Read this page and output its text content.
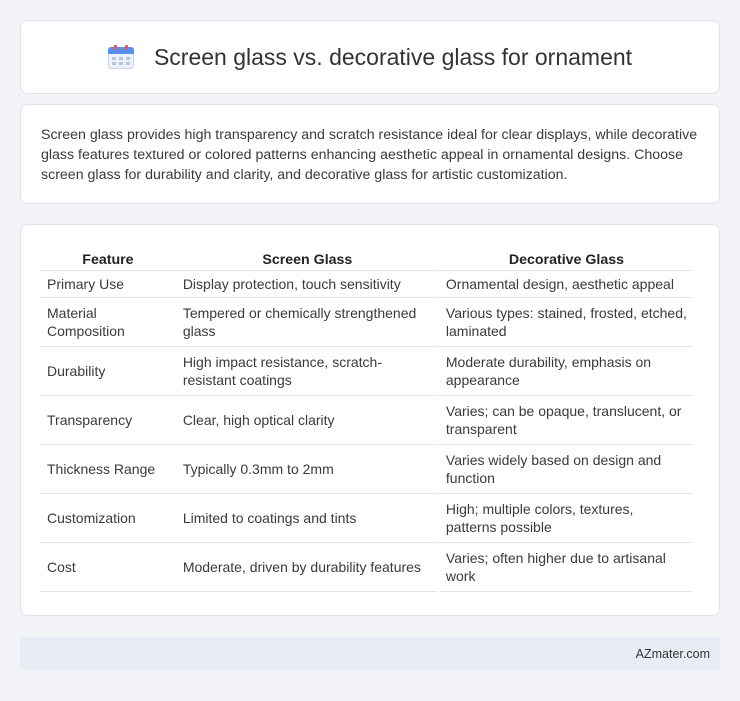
Screen glass vs. decorative glass for ornament

Screen glass provides high transparency and scratch resistance ideal for clear displays, while decorative glass features textured or colored patterns enhancing aesthetic appeal in ornamental designs. Choose screen glass for durability and clarity, and decorative glass for artistic customization.

Feature	Screen Glass	Decorative Glass
Primary Use	Display protection, touch sensitivity	Ornamental design, aesthetic appeal
Material Composition	Tempered or chemically strengthened glass	Various types: stained, frosted, etched, laminated
Durability	High impact resistance, scratch-resistant coatings	Moderate durability, emphasis on appearance
Transparency	Clear, high optical clarity	Varies; can be opaque, translucent, or transparent
Thickness Range	Typically 0.3mm to 2mm	Varies widely based on design and function
Customization	Limited to coatings and tints	High; multiple colors, textures, patterns possible
Cost	Moderate, driven by durability features	Varies; often higher due to artisanal work
AZmater.com
